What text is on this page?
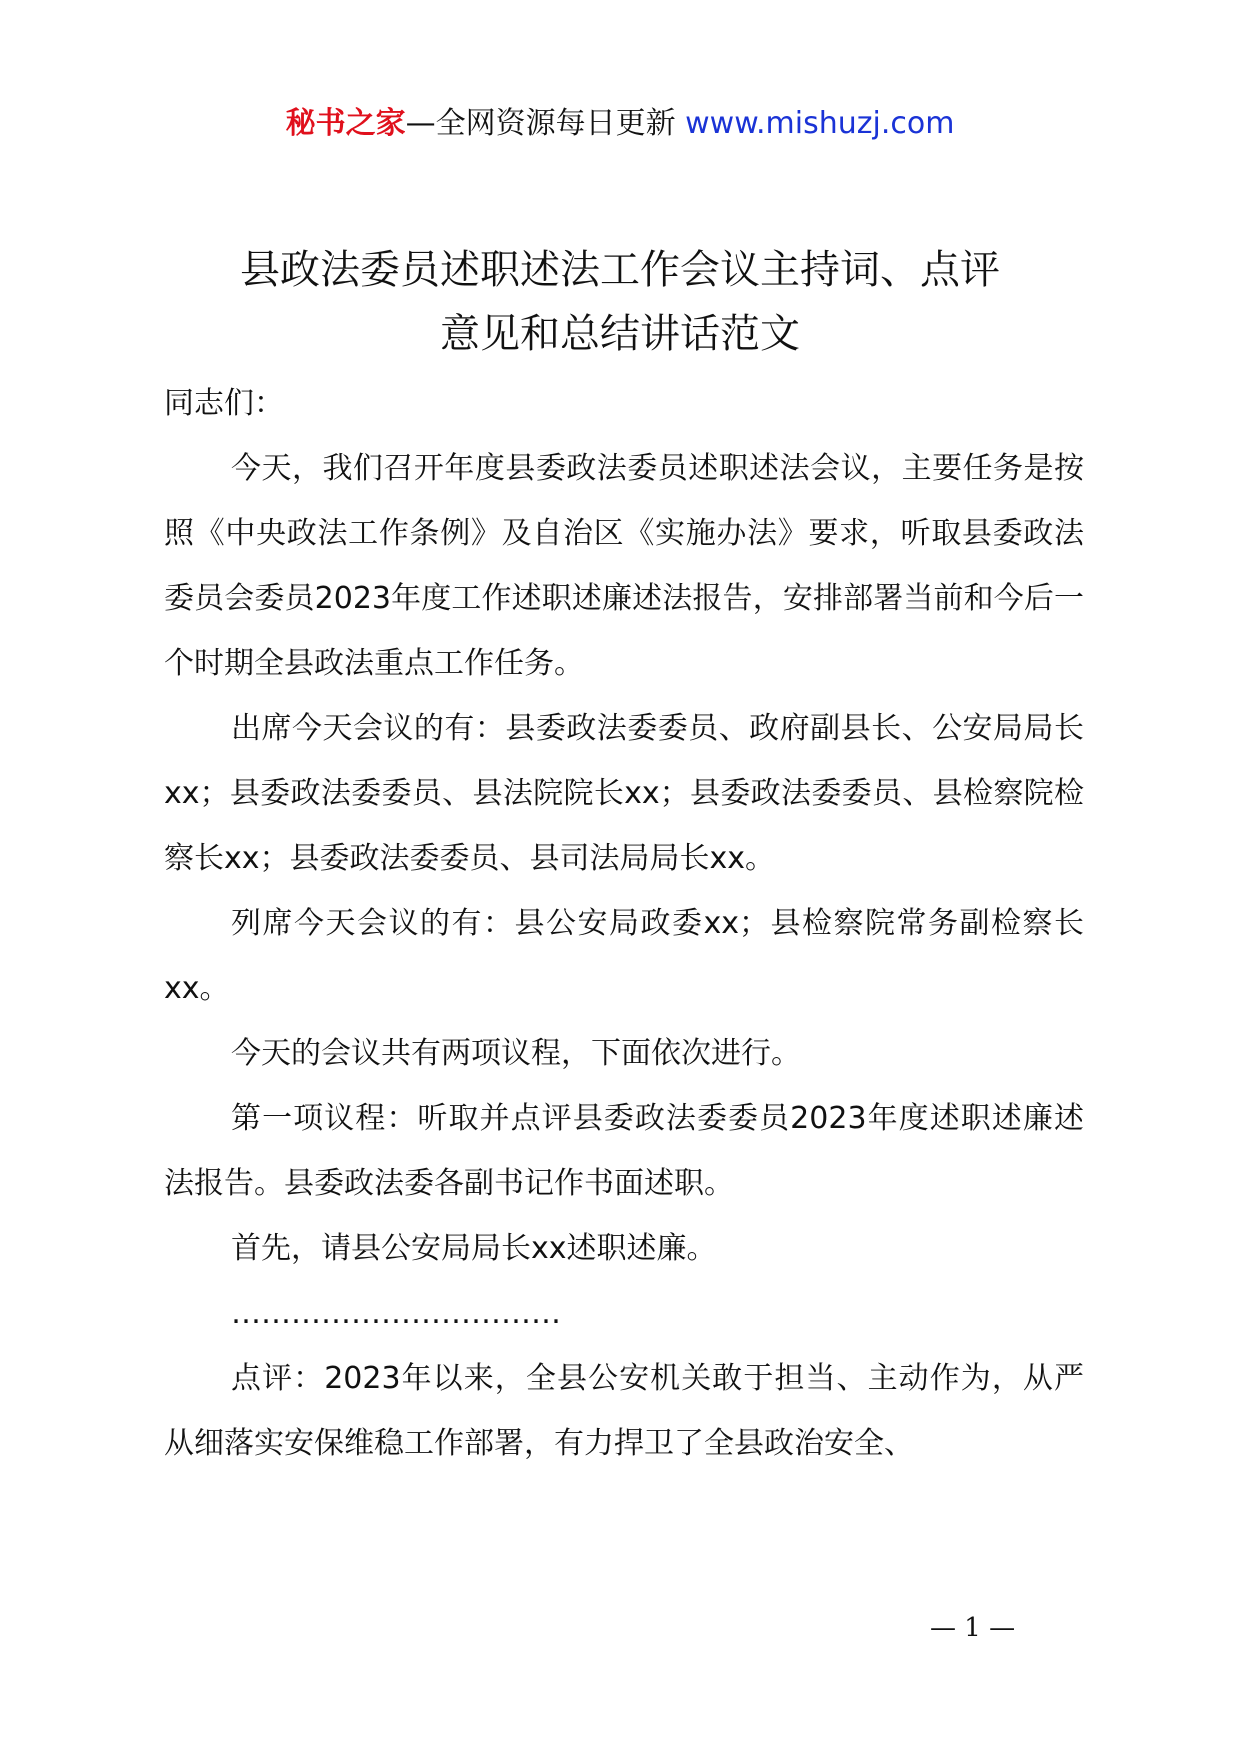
秘书之家—全网资源每日更新 www.mishuzj.com
县政法委员述职述法工作会议主持词、点评
意见和总结讲话范文

同志们：

今天，我们召开年度县委政法委员述职述法会议，主要任务是按照《中央政法工作条例》及自治区《实施办法》要求，听取县委政法委员会委员2023年度工作述职述廉述法报告，安排部署当前和今后一个时期全县政法重点工作任务。

出席今天会议的有：县委政法委委员、政府副县长、公安局局长xx；县委政法委委员、县法院院长xx；县委政法委委员、县检察院检察长xx；县委政法委委员、县司法局局长xx。

列席今天会议的有：县公安局政委xx；县检察院常务副检察长xx。

今天的会议共有两项议程，下面依次进行。

第一项议程：听取并点评县委政法委委员2023年度述职述廉述法报告。县委政法委各副书记作书面述职。

首先，请县公安局局长xx述职述廉。

……………………………

点评：2023年以来，全县公安机关敢于担当、主动作为，从严从细落实安保维稳工作部署，有力捍卫了全县政治安全、

— 1 —
